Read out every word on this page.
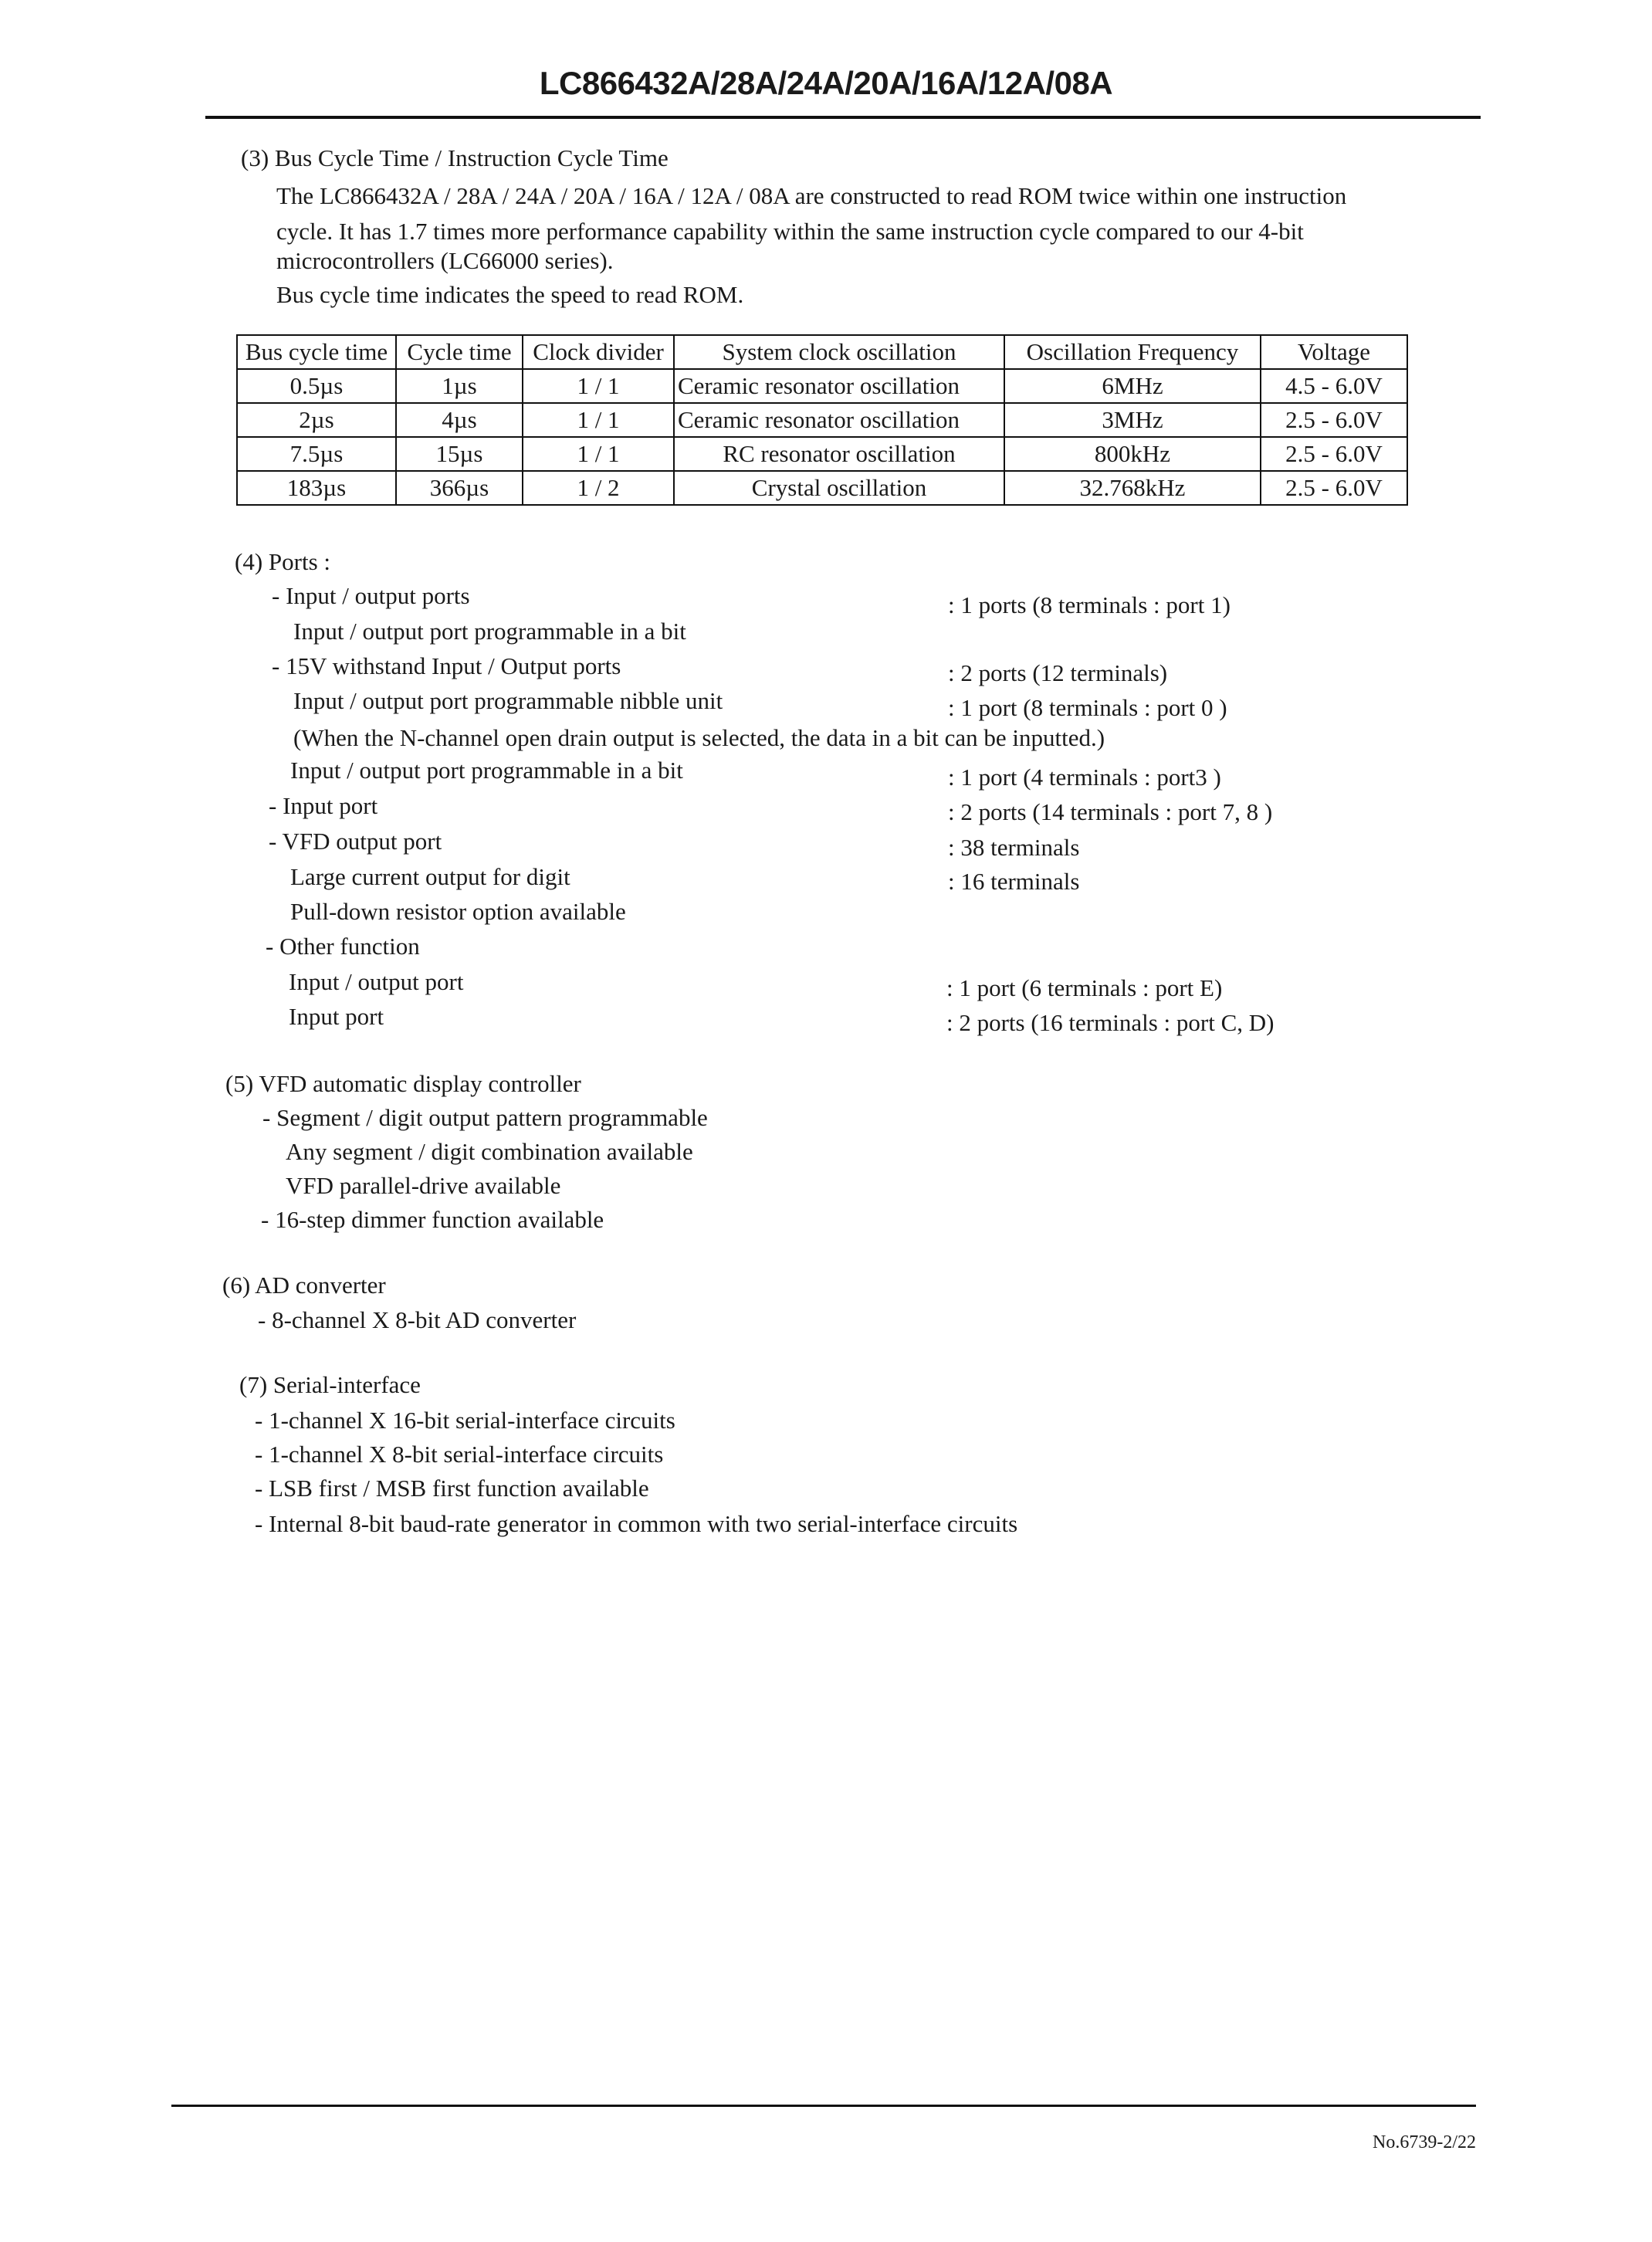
LC866432A/28A/24A/20A/16A/12A/08A
(3) Bus Cycle Time / Instruction Cycle Time
The LC866432A / 28A / 24A / 20A / 16A / 12A / 08A are constructed to read ROM twice within one instruction
cycle. It has 1.7 times more performance capability within the same instruction cycle compared to our 4-bit
microcontrollers (LC66000 series).
Bus cycle time indicates the speed to read ROM.
Bus cycle time	Cycle time	Clock divider	System clock oscillation	Oscillation Frequency	Voltage
0.5µs	1µs	1 / 1	Ceramic resonator oscillation	6MHz	4.5 - 6.0V
2µs	4µs	1 / 1	Ceramic resonator oscillation	3MHz	2.5 - 6.0V
7.5µs	15µs	1 / 1	RC resonator oscillation	800kHz	2.5 - 6.0V
183µs	366µs	1 / 2	Crystal oscillation	32.768kHz	2.5 - 6.0V
(4) Ports :
- Input / output ports	: 1 ports (8 terminals : port 1)
Input / output port programmable in a bit
- 15V withstand Input / Output ports	: 2 ports (12 terminals)
Input / output port programmable nibble unit	: 1 port (8 terminals : port 0 )
(When the N-channel open drain output is selected, the data in a bit can be inputted.)
Input / output port programmable in a bit	: 1 port (4 terminals : port3 )
- Input port	: 2 ports (14 terminals : port 7, 8 )
- VFD output port	: 38 terminals
Large current output for digit	: 16 terminals
Pull-down resistor option available
- Other function
Input / output port	: 1 port (6 terminals : port E)
Input port	: 2 ports (16 terminals : port C, D)
(5) VFD automatic display controller
- Segment / digit output pattern programmable
Any segment / digit combination available
VFD parallel-drive available
- 16-step dimmer function available
(6) AD converter
- 8-channel X 8-bit AD converter
(7) Serial-interface
- 1-channel X 16-bit serial-interface circuits
- 1-channel X 8-bit serial-interface circuits
- LSB first / MSB first function available
- Internal 8-bit baud-rate generator in common with two serial-interface circuits
No.6739-2/22
